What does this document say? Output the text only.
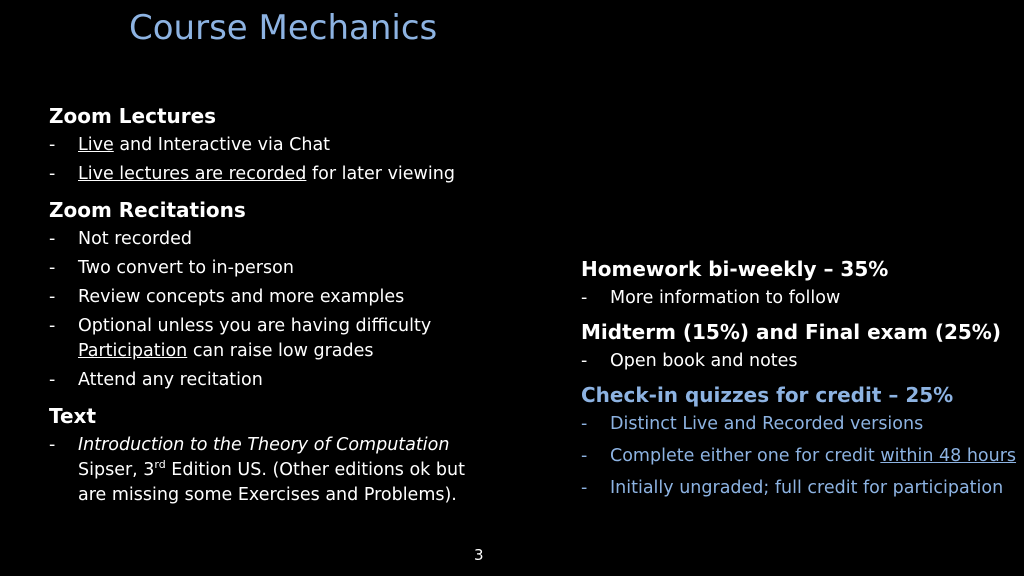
Course Mechanics

Zoom Lectures

- Live and Interactive via Chat
- Live lectures are recorded for later viewing

Zoom Recitations

- Not recorded
- Two convert to in-person
- Review concepts and more examples
- Optional unless you are having difficulty
Participation can raise low grades
- Attend any recitation

Text

- Introduction to the Theory of Computation
Sipser, 3rd Edition US. (Other editions ok but
are missing some Exercises and Problems).

Homework bi-weekly – 35%

- More information to follow

Midterm (15%) and Final exam (25%)

- Open book and notes

Check-in quizzes for credit – 25%

- Distinct Live and Recorded versions
- Complete either one for credit within 48 hours
- Initially ungraded; full credit for participation
3
